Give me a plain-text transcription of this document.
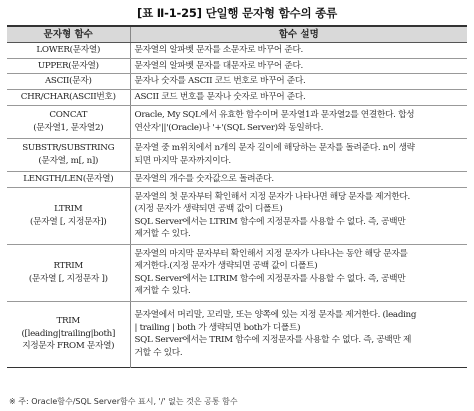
[표 Ⅱ-1-25] 단일행 문자형 함수의 종류
문자형 함수	함수 설명

LOWER(문자열)	문자열의 알파벳 문자를 소문자로 바꾸어 준다.

UPPER(문자열)	문자열의 알파벳 문자를 대문자로 바꾸어 준다.

ASCII(문자)	문자나 숫자를 ASCII 코드 번호로 바꾸어 준다.

CHR/CHAR(ASCII번호)	ASCII 코드 번호를 문자나 숫자로 바꾸어 준다.

CONCAT
(문자열1, 문자열2)	Oracle, My SQL에서 유효한 함수이며 문자열1과 문자열2를 연결한다. 합성
연산자'||'(Oracle)나 '+'(SQL Server)와 동일하다.

SUBSTR/SUBSTRING
(문자열, m[, n])	문자열 중 m위치에서 n개의 문자 길이에 해당하는 문자를 돌려준다. n이 생략
되면 마지막 문자까지이다.

LENGTH/LEN(문자열)	문자열의 개수를 숫자값으로 돌려준다.

LTRIM
(문자열 [, 지정문자])	문자열의 첫 문자부터 확인해서 지정 문자가 나타나면 해당 문자를 제거한다.
(지정 문자가 생략되면 공백 값이 디폴트)
SQL Server에서는 LTRIM 함수에 지정문자를 사용할 수 없다. 즉, 공백만
제거할 수 있다.

RTRIM
(문자열 [, 지정문자 ])	문자열의 마지막 문자부터 확인해서 지정 문자가 나타나는 동안 해당 문자를
제거한다.(지정 문자가 생략되면 공백 값이 디폴트)
SQL Server에서는 LTRIM 함수에 지정문자를 사용할 수 없다. 즉, 공백만
제거할 수 있다.

TRIM
([leading|trailing|both]
지정문자 FROM 문자열)	문자열에서 머리말, 꼬리말, 또는 양쪽에 있는 지정 문자를 제거한다. (leading
| trailing | both 가 생략되면 both가 디폴트)
SQL Server에서는 TRIM 함수에 지정문자를 사용할 수 없다. 즉, 공백만 제
거할 수 있다.
※ 주: Oracle함수/SQL Server함수 표시, '/' 없는 것은 공통 함수
